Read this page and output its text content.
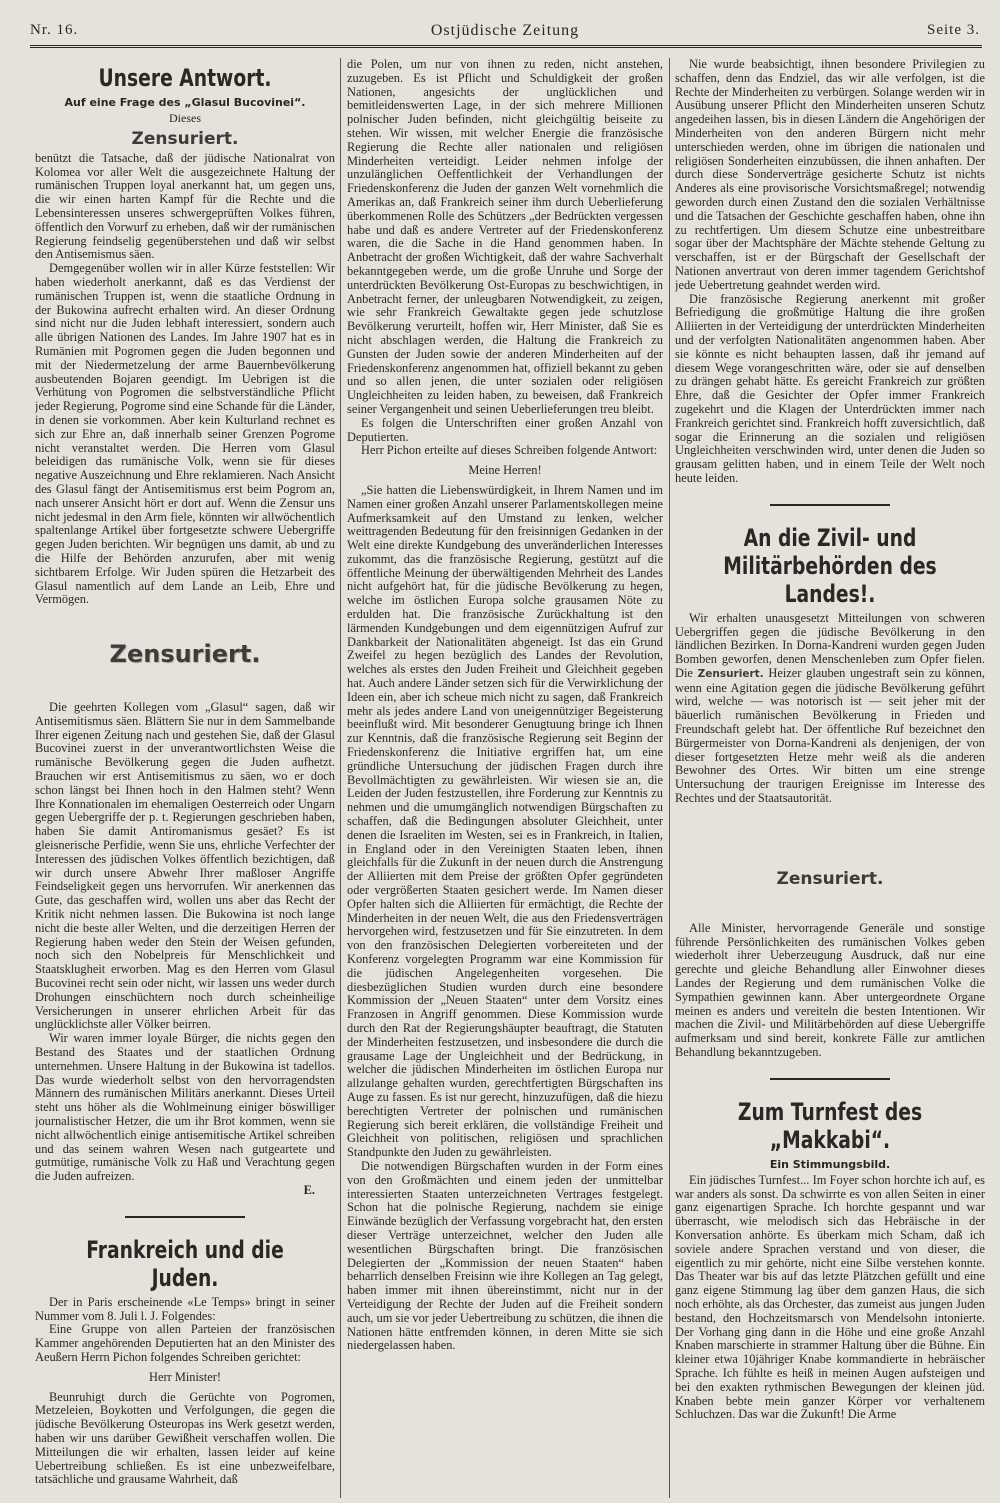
Nr. 16.	Ostjüdische Zeitung	Seite 3.
Unsere Antwort.
Auf eine Frage des „Glasul Bucovinei“.
Dieses
Zensuriert.

benützt die Tatsache, daß der jüdische Nationalrat von Kolomea vor aller Welt die ausgezeichnete Haltung der rumänischen Truppen loyal anerkannt hat, um gegen uns, die wir einen harten Kampf für die Rechte und die Lebensinteressen unseres schwergeprüften Volkes führen, öffentlich den Vorwurf zu erheben, daß wir der rumänischen Regierung feindselig gegenüberstehen und daß wir selbst den Antisemismus säen.

Demgegenüber wollen wir in aller Kürze feststellen: Wir haben wiederholt anerkannt, daß es das Verdienst der rumänischen Truppen ist, wenn die staatliche Ordnung in der Bukowina aufrecht erhalten wird. An dieser Ordnung sind nicht nur die Juden lebhaft interessiert, sondern auch alle übrigen Nationen des Landes. Im Jahre 1907 hat es in Rumänien mit Pogromen gegen die Juden begonnen und mit der Niedermetzelung der arme Bauernbevölkerung ausbeutenden Bojaren geendigt. Im Uebrigen ist die Verhütung von Pogromen die selbstverständliche Pflicht jeder Regierung, Pogrome sind eine Schande für die Länder, in denen sie vorkommen. Aber kein Kulturland rechnet es sich zur Ehre an, daß innerhalb seiner Grenzen Pogrome nicht veranstaltet werden. Die Herren vom Glasul beleidigen das rumänische Volk, wenn sie für dieses negative Auszeichnung und Ehre reklamieren. Nach Ansicht des Glasul fängt der Antisemitismus erst beim Pogrom an, nach unserer Ansicht hört er dort auf. Wenn die Zensur uns nicht jedesmal in den Arm fiele, könnten wir allwöchentlich spaltenlange Artikel über fortgesetzte schwere Uebergriffe gegen Juden berichten. Wir begnügen uns damit, ab und zu die Hilfe der Behörden anzurufen, aber mit wenig sichtbarem Erfolge. Wir Juden spüren die Hetzarbeit des Glasul namentlich auf dem Lande an Leib, Ehre und Vermögen.

Zensuriert.

Die geehrten Kollegen vom „Glasul“ sagen, daß wir Antisemitismus säen. Blättern Sie nur in dem Sammelbande Ihrer eigenen Zeitung nach und gestehen Sie, daß der Glasul Bucovinei zuerst in der unverantwortlichsten Weise die rumänische Bevölkerung gegen die Juden aufhetzt. Brauchen wir erst Antisemitismus zu säen, wo er doch schon längst bei Ihnen hoch in den Halmen steht? Wenn Ihre Konnationalen im ehemaligen Oesterreich oder Ungarn gegen Uebergriffe der p. t. Regierungen geschrieben haben, haben Sie damit Antiromanismus gesäet? Es ist gleisnerische Perfidie, wenn Sie uns, ehrliche Verfechter der Interessen des jüdischen Volkes öffentlich bezichtigen, daß wir durch unsere Abwehr Ihrer maßloser Angriffe Feindseligkeit gegen uns hervorrufen. Wir anerkennen das Gute, das geschaffen wird, wollen uns aber das Recht der Kritik nicht nehmen lassen. Die Bukowina ist noch lange nicht die beste aller Welten, und die derzeitigen Herren der Regierung haben weder den Stein der Weisen gefunden, noch sich den Nobelpreis für Menschlichkeit und Staatsklugheit erworben. Mag es den Herren vom Glasul Bucovinei recht sein oder nicht, wir lassen uns weder durch Drohungen einschüchtern noch durch scheinheilige Versicherungen in unserer ehrlichen Arbeit für das unglücklichste aller Völker beirren.

Wir waren immer loyale Bürger, die nichts gegen den Bestand des Staates und der staatlichen Ordnung unternehmen. Unsere Haltung in der Bukowina ist tadellos. Das wurde wiederholt selbst von den hervorragendsten Männern des rumänischen Militärs anerkannt. Dieses Urteil steht uns höher als die Wohlmeinung einiger böswilliger journalistischer Hetzer, die um ihr Brot kommen, wenn sie nicht allwöchentlich einige antisemitische Artikel schreiben und das seinem wahren Wesen nach gutgeartete und gutmütige, rumänische Volk zu Haß und Verachtung gegen die Juden aufreizen.

E.

Frankreich und die Juden.

Der in Paris erscheinende «Le Temps» bringt in seiner Nummer vom 8. Juli l. J. Folgendes:

Eine Gruppe von allen Parteien der französischen Kammer angehörenden Deputierten hat an den Minister des Aeußern Herrn Pichon folgendes Schreiben gerichtet:

Herr Minister!

Beunruhigt durch die Gerüchte von Pogromen, Metzeleien, Boykotten und Verfolgungen, die gegen die jüdische Bevölkerung Osteuropas ins Werk gesetzt werden, haben wir uns darüber Gewißheit verschaffen wollen. Die Mitteilungen die wir erhalten, lassen leider auf keine Uebertreibung schließen. Es ist eine unbezweifelbare, tatsächliche und grausame Wahrheit, daß

die Polen, um nur von ihnen zu reden, nicht anstehen, zuzugeben. Es ist Pflicht und Schuldigkeit der großen Nationen, angesichts der unglücklichen und bemitleidenswerten Lage, in der sich mehrere Millionen polnischer Juden befinden, nicht gleichgültig beiseite zu stehen. Wir wissen, mit welcher Energie die französische Regierung die Rechte aller nationalen und religiösen Minderheiten verteidigt. Leider nehmen infolge der unzulänglichen Oeffentlichkeit der Verhandlungen der Friedenskonferenz die Juden der ganzen Welt vornehmlich die Amerikas an, daß Frankreich seiner ihm durch Ueberlieferung überkommenen Rolle des Schützers „der Bedrückten vergessen habe und daß es andere Vertreter auf der Friedenskonferenz waren, die die Sache in die Hand genommen haben. In Anbetracht der großen Wichtigkeit, daß der wahre Sachverhalt bekanntgegeben werde, um die große Unruhe und Sorge der unterdrückten Bevölkerung Ost-Europas zu beschwichtigen, in Anbetracht ferner, der unleugbaren Notwendigkeit, zu zeigen, wie sehr Frankreich Gewaltakte gegen jede schutzlose Bevölkerung verurteilt, hoffen wir, Herr Minister, daß Sie es nicht abschlagen werden, die Haltung die Frankreich zu Gunsten der Juden sowie der anderen Minderheiten auf der Friedenskonferenz angenommen hat, offiziell bekannt zu geben und so allen jenen, die unter sozialen oder religiösen Ungleichheiten zu leiden haben, zu beweisen, daß Frankreich seiner Vergangenheit und seinen Ueberlieferungen treu bleibt.

Es folgen die Unterschriften einer großen Anzahl von Deputierten.

Herr Pichon erteilte auf dieses Schreiben folgende Antwort:

Meine Herren!

„Sie hatten die Liebenswürdigkeit, in Ihrem Namen und im Namen einer großen Anzahl unserer Parlamentskollegen meine Aufmerksamkeit auf den Umstand zu lenken, welcher weittragenden Bedeutung für den freisinnigen Gedanken in der Welt eine direkte Kundgebung des unveränderlichen Interesses zukommt, das die französische Regierung, gestützt auf die öffentliche Meinung der überwältigenden Mehrheit des Landes nicht aufgehört hat, für die jüdische Bevölkerung zu hegen, welche im östlichen Europa solche grausamen Nöte zu erdulden hat. Die französische Zurückhaltung ist den lärmenden Kundgebungen und dem eigennützigen Aufruf zur Dankbarkeit der Nationalitäten abgeneigt. Ist das ein Grund Zweifel zu hegen bezüglich des Landes der Revolution, welches als erstes den Juden Freiheit und Gleichheit gegeben hat. Auch andere Länder setzen sich für die Verwirklichung der Ideen ein, aber ich scheue mich nicht zu sagen, daß Frankreich mehr als jedes andere Land von uneigennütziger Begeisterung beeinflußt wird. Mit besonderer Genugtuung bringe ich Ihnen zur Kenntnis, daß die französische Regierung seit Beginn der Friedenskonferenz die Initiative ergriffen hat, um eine gründliche Untersuchung der jüdischen Fragen durch ihre Bevollmächtigten zu gewährleisten. Wir wiesen sie an, die Leiden der Juden festzustellen, ihre Forderung zur Kenntnis zu nehmen und die umumgänglich notwendigen Bürgschaften zu schaffen, daß die Bedingungen absoluter Gleichheit, unter denen die Israeliten im Westen, sei es in Frankreich, in Italien, in England oder in den Vereinigten Staaten leben, ihnen gleichfalls für die Zukunft in der neuen durch die Anstrengung der Alliierten mit dem Preise der größten Opfer gegründeten oder vergrößerten Staaten gesichert werde. Im Namen dieser Opfer halten sich die Alliierten für ermächtigt, die Rechte der Minderheiten in der neuen Welt, die aus den Friedensverträgen hervorgehen wird, festzusetzen und für Sie einzutreten. In dem von den französischen Delegierten vorbereiteten und der Konferenz vorgelegten Programm war eine Kommission für die jüdischen Angelegenheiten vorgesehen. Die diesbezüglichen Studien wurden durch eine besondere Kommission der „Neuen Staaten“ unter dem Vorsitz eines Franzosen in Angriff genommen. Diese Kommission wurde durch den Rat der Regierungshäupter beauftragt, die Statuten der Minderheiten festzusetzen, und insbesondere die durch die grausame Lage der Ungleichheit und der Bedrückung, in welcher die jüdischen Minderheiten im östlichen Europa nur allzulange gehalten wurden, gerechtfertigten Bürgschaften ins Auge zu fassen. Es ist nur gerecht, hinzuzufügen, daß die hiezu berechtigten Vertreter der polnischen und rumänischen Regierung sich bereit erklären, die vollständige Freiheit und Gleichheit von politischen, religiösen und sprachlichen Standpunkte den Juden zu gewährleisten.

Die notwendigen Bürgschaften wurden in der Form eines von den Großmächten und einem jeden der unmittelbar interessierten Staaten unterzeichneten Vertrages festgelegt. Schon hat die polnische Regierung, nachdem sie einige Einwände bezüglich der Verfassung vorgebracht hat, den ersten dieser Verträge unterzeichnet, welcher den Juden alle wesentlichen Bürgschaften bringt. Die französischen Delegierten der „Kommission der neuen Staaten“ haben beharrlich denselben Freisinn wie ihre Kollegen an Tag gelegt, haben immer mit ihnen übereinstimmt, nicht nur in der Verteidigung der Rechte der Juden auf die Freiheit sondern auch, um sie vor jeder Uebertreibung zu schützen, die ihnen die Nationen hätte entfremden können, in deren Mitte sie sich niedergelassen haben.

Nie wurde beabsichtigt, ihnen besondere Privilegien zu schaffen, denn das Endziel, das wir alle verfolgen, ist die Rechte der Minderheiten zu verbürgen. Solange werden wir in Ausübung unserer Pflicht den Minderheiten unseren Schutz angedeihen lassen, bis in diesen Ländern die Angehörigen der Minderheiten von den anderen Bürgern nicht mehr unterschieden werden, ohne im übrigen die nationalen und religiösen Sonderheiten einzubüssen, die ihnen anhaften. Der durch diese Sonderverträge gesicherte Schutz ist nichts Anderes als eine provisorische Vorsichtsmaßregel; notwendig geworden durch einen Zustand den die sozialen Verhältnisse und die Tatsachen der Geschichte geschaffen haben, ohne ihn zu rechtfertigen. Um diesem Schutze eine unbestreitbare sogar über der Machtsphäre der Mächte stehende Geltung zu verschaffen, ist er der Bürgschaft der Gesellschaft der Nationen anvertraut von deren immer tagendem Gerichtshof jede Uebertretung geahndet werden wird.

Die französische Regierung anerkennt mit großer Befriedigung die großmütige Haltung die ihre großen Alliierten in der Verteidigung der unterdrückten Minderheiten und der verfolgten Nationalitäten angenommen haben. Aber sie könnte es nicht behaupten lassen, daß ihr jemand auf diesem Wege vorangeschritten wäre, oder sie auf denselben zu drängen gehabt hätte. Es gereicht Frankreich zur größten Ehre, daß die Gesichter der Opfer immer Frankreich zugekehrt und die Klagen der Unterdrückten immer nach Frankreich gerichtet sind. Frankreich hofft zuversichtlich, daß sogar die Erinnerung an die sozialen und religiösen Ungleichheiten verschwinden wird, unter denen die Juden so grausam gelitten haben, und in einem Teile der Welt noch heute leiden.

An die Zivil- und Militärbehörden des Landes!.

Wir erhalten unausgesetzt Mitteilungen von schweren Uebergriffen gegen die jüdische Bevölkerung in den ländlichen Bezirken. In Dorna-Kandreni wurden gegen Juden Bomben geworfen, denen Menschenleben zum Opfer fielen. Die Zensuriert. Heizer glauben ungestraft sein zu können, wenn eine Agitation gegen die jüdische Bevölkerung geführt wird, welche — was notorisch ist — seit jeher mit der bäuerlich rumänischen Bevölkerung in Frieden und Freundschaft gelebt hat. Der öffentliche Ruf bezeichnet den Bürgermeister von Dorna-Kandreni als denjenigen, der von dieser fortgesetzten Hetze mehr weiß als die anderen Bewohner des Ortes. Wir bitten um eine strenge Untersuchung der traurigen Ereignisse im Interesse des Rechtes und der Staatsautorität.

Zensuriert.

Alle Minister, hervorragende Generäle und sonstige führende Persönlichkeiten des rumänischen Volkes geben wiederholt ihrer Ueberzeugung Ausdruck, daß nur eine gerechte und gleiche Behandlung aller Einwohner dieses Landes der Regierung und dem rumänischen Volke die Sympathien gewinnen kann. Aber untergeordnete Organe meinen es anders und vereiteln die besten Intentionen. Wir machen die Zivil- und Militärbehörden auf diese Uebergriffe aufmerksam und sind bereit, konkrete Fälle zur amtlichen Behandlung bekanntzugeben.

Zum Turnfest des „Makkabi“.
Ein Stimmungsbild.

Ein jüdisches Turnfest... Im Foyer schon horchte ich auf, es war anders als sonst. Da schwirrte es von allen Seiten in einer ganz eigenartigen Sprache. Ich horchte gespannt und war überrascht, wie melodisch sich das Hebräische in der Konversation anhörte. Es überkam mich Scham, daß ich soviele andere Sprachen verstand und von dieser, die eigentlich zu mir gehörte, nicht eine Silbe verstehen konnte. Das Theater war bis auf das letzte Plätzchen gefüllt und eine ganz eigene Stimmung lag über dem ganzen Haus, die sich noch erhöhte, als das Orchester, das zumeist aus jungen Juden bestand, den Hochzeitsmarsch von Mendelsohn intonierte. Der Vorhang ging dann in die Höhe und eine große Anzahl Knaben marschierte in strammer Haltung über die Bühne. Ein kleiner etwa 10jähriger Knabe kommandierte in hebräischer Sprache. Ich fühlte es heiß in meinen Augen aufsteigen und bei den exakten rythmischen Bewegungen der kleinen jüd. Knaben bebte mein ganzer Körper vor verhaltenem Schluchzen. Das war die Zukunft! Die Arme
